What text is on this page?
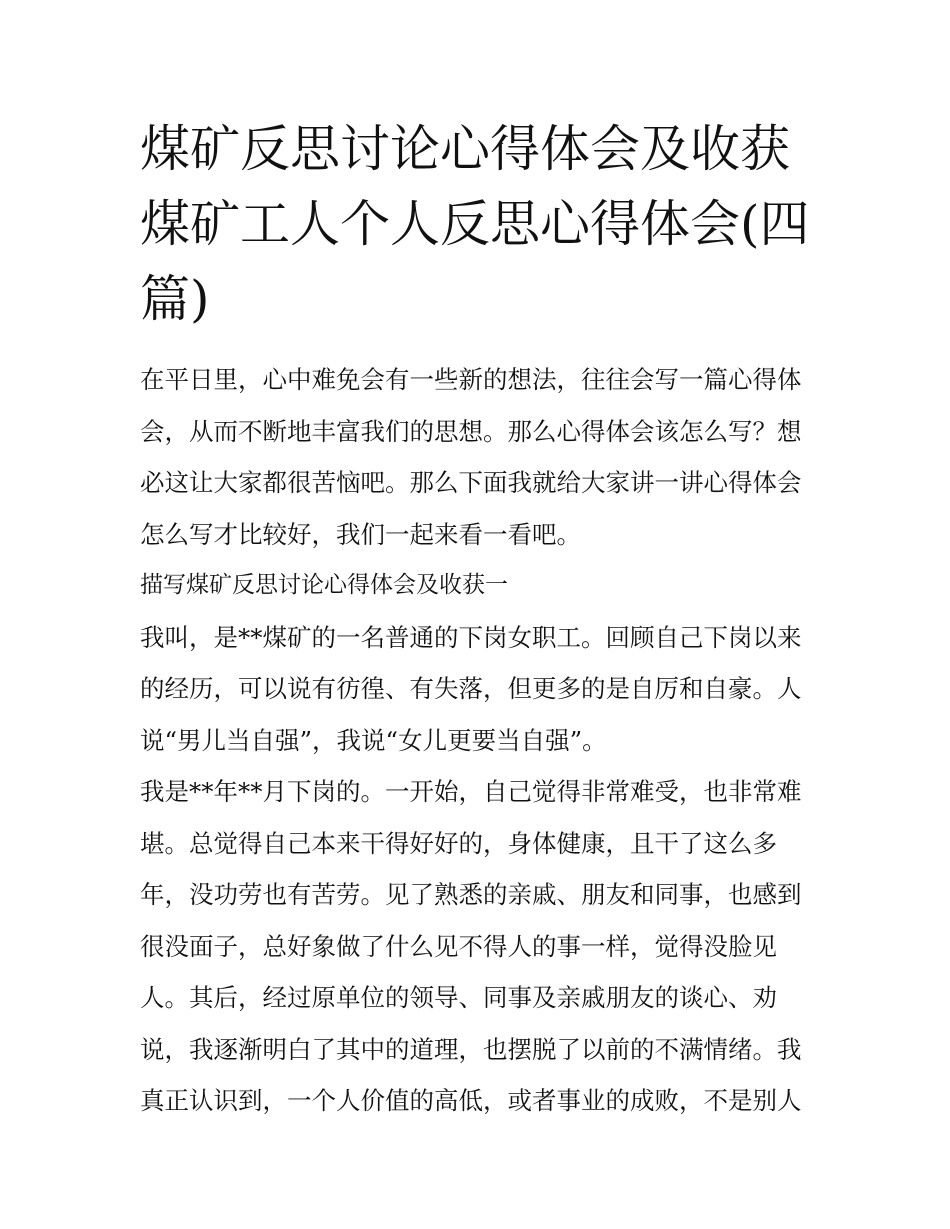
煤矿反思讨论心得体会及收获
煤矿工人个人反思心得体会(四
篇)
在平日里，心中难免会有一些新的想法，往往会写一篇心得体
会，从而不断地丰富我们的思想。那么心得体会该怎么写？想
必这让大家都很苦恼吧。那么下面我就给大家讲一讲心得体会
怎么写才比较好，我们一起来看一看吧。
描写煤矿反思讨论心得体会及收获一
我叫，是**煤矿的一名普通的下岗女职工。回顾自己下岗以来
的经历，可以说有彷徨、有失落，但更多的是自厉和自豪。人
说“男儿当自强”，我说“女儿更要当自强”。
我是**年**月下岗的。一开始，自己觉得非常难受，也非常难
堪。总觉得自己本来干得好好的，身体健康，且干了这么多
年，没功劳也有苦劳。见了熟悉的亲戚、朋友和同事，也感到
很没面子，总好象做了什么见不得人的事一样，觉得没脸见
人。其后，经过原单位的领导、同事及亲戚朋友的谈心、劝
说，我逐渐明白了其中的道理，也摆脱了以前的不满情绪。我
真正认识到，一个人价值的高低，或者事业的成败，不是别人
